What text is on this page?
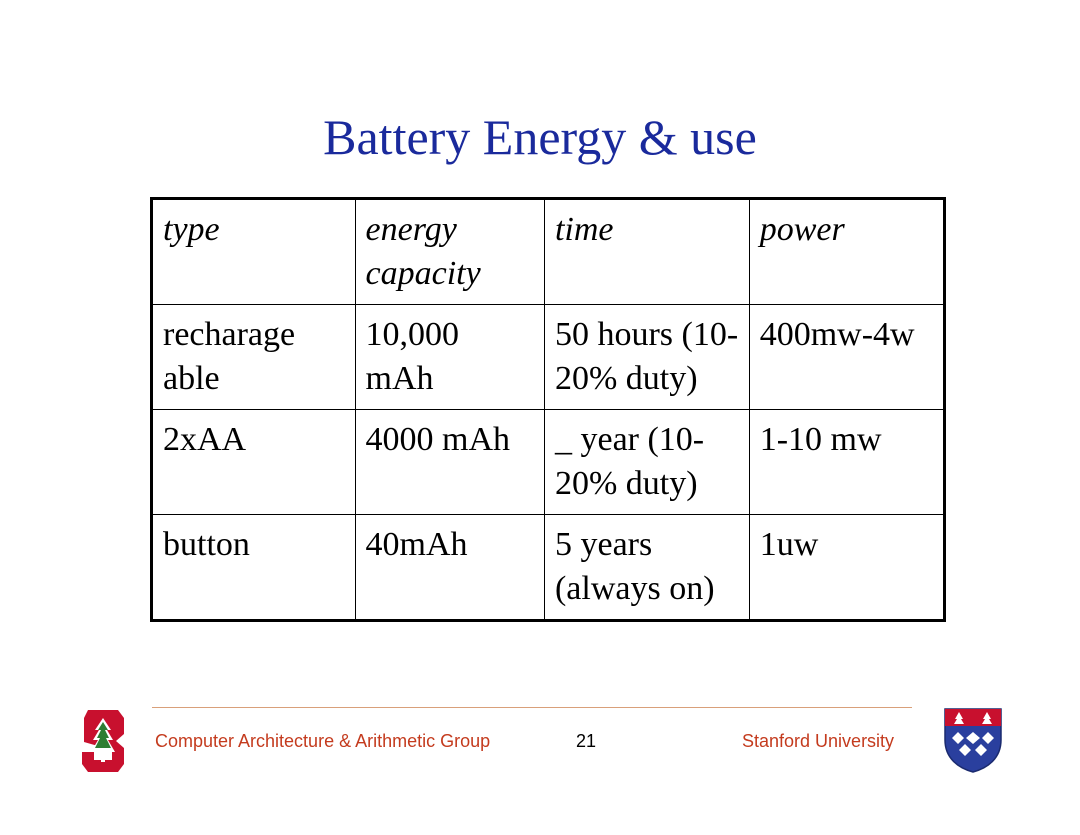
Battery Energy & use
type	energy capacity	time	power
recharage able	10,000 mAh	50 hours (10-20% duty)	400mw-4w
2xAA	4000 mAh	_ year (10-20% duty)	1-10 mw
button	40mAh	5 years (always on)	1uw
Computer Architecture & Arithmetic Group	21	Stanford University
